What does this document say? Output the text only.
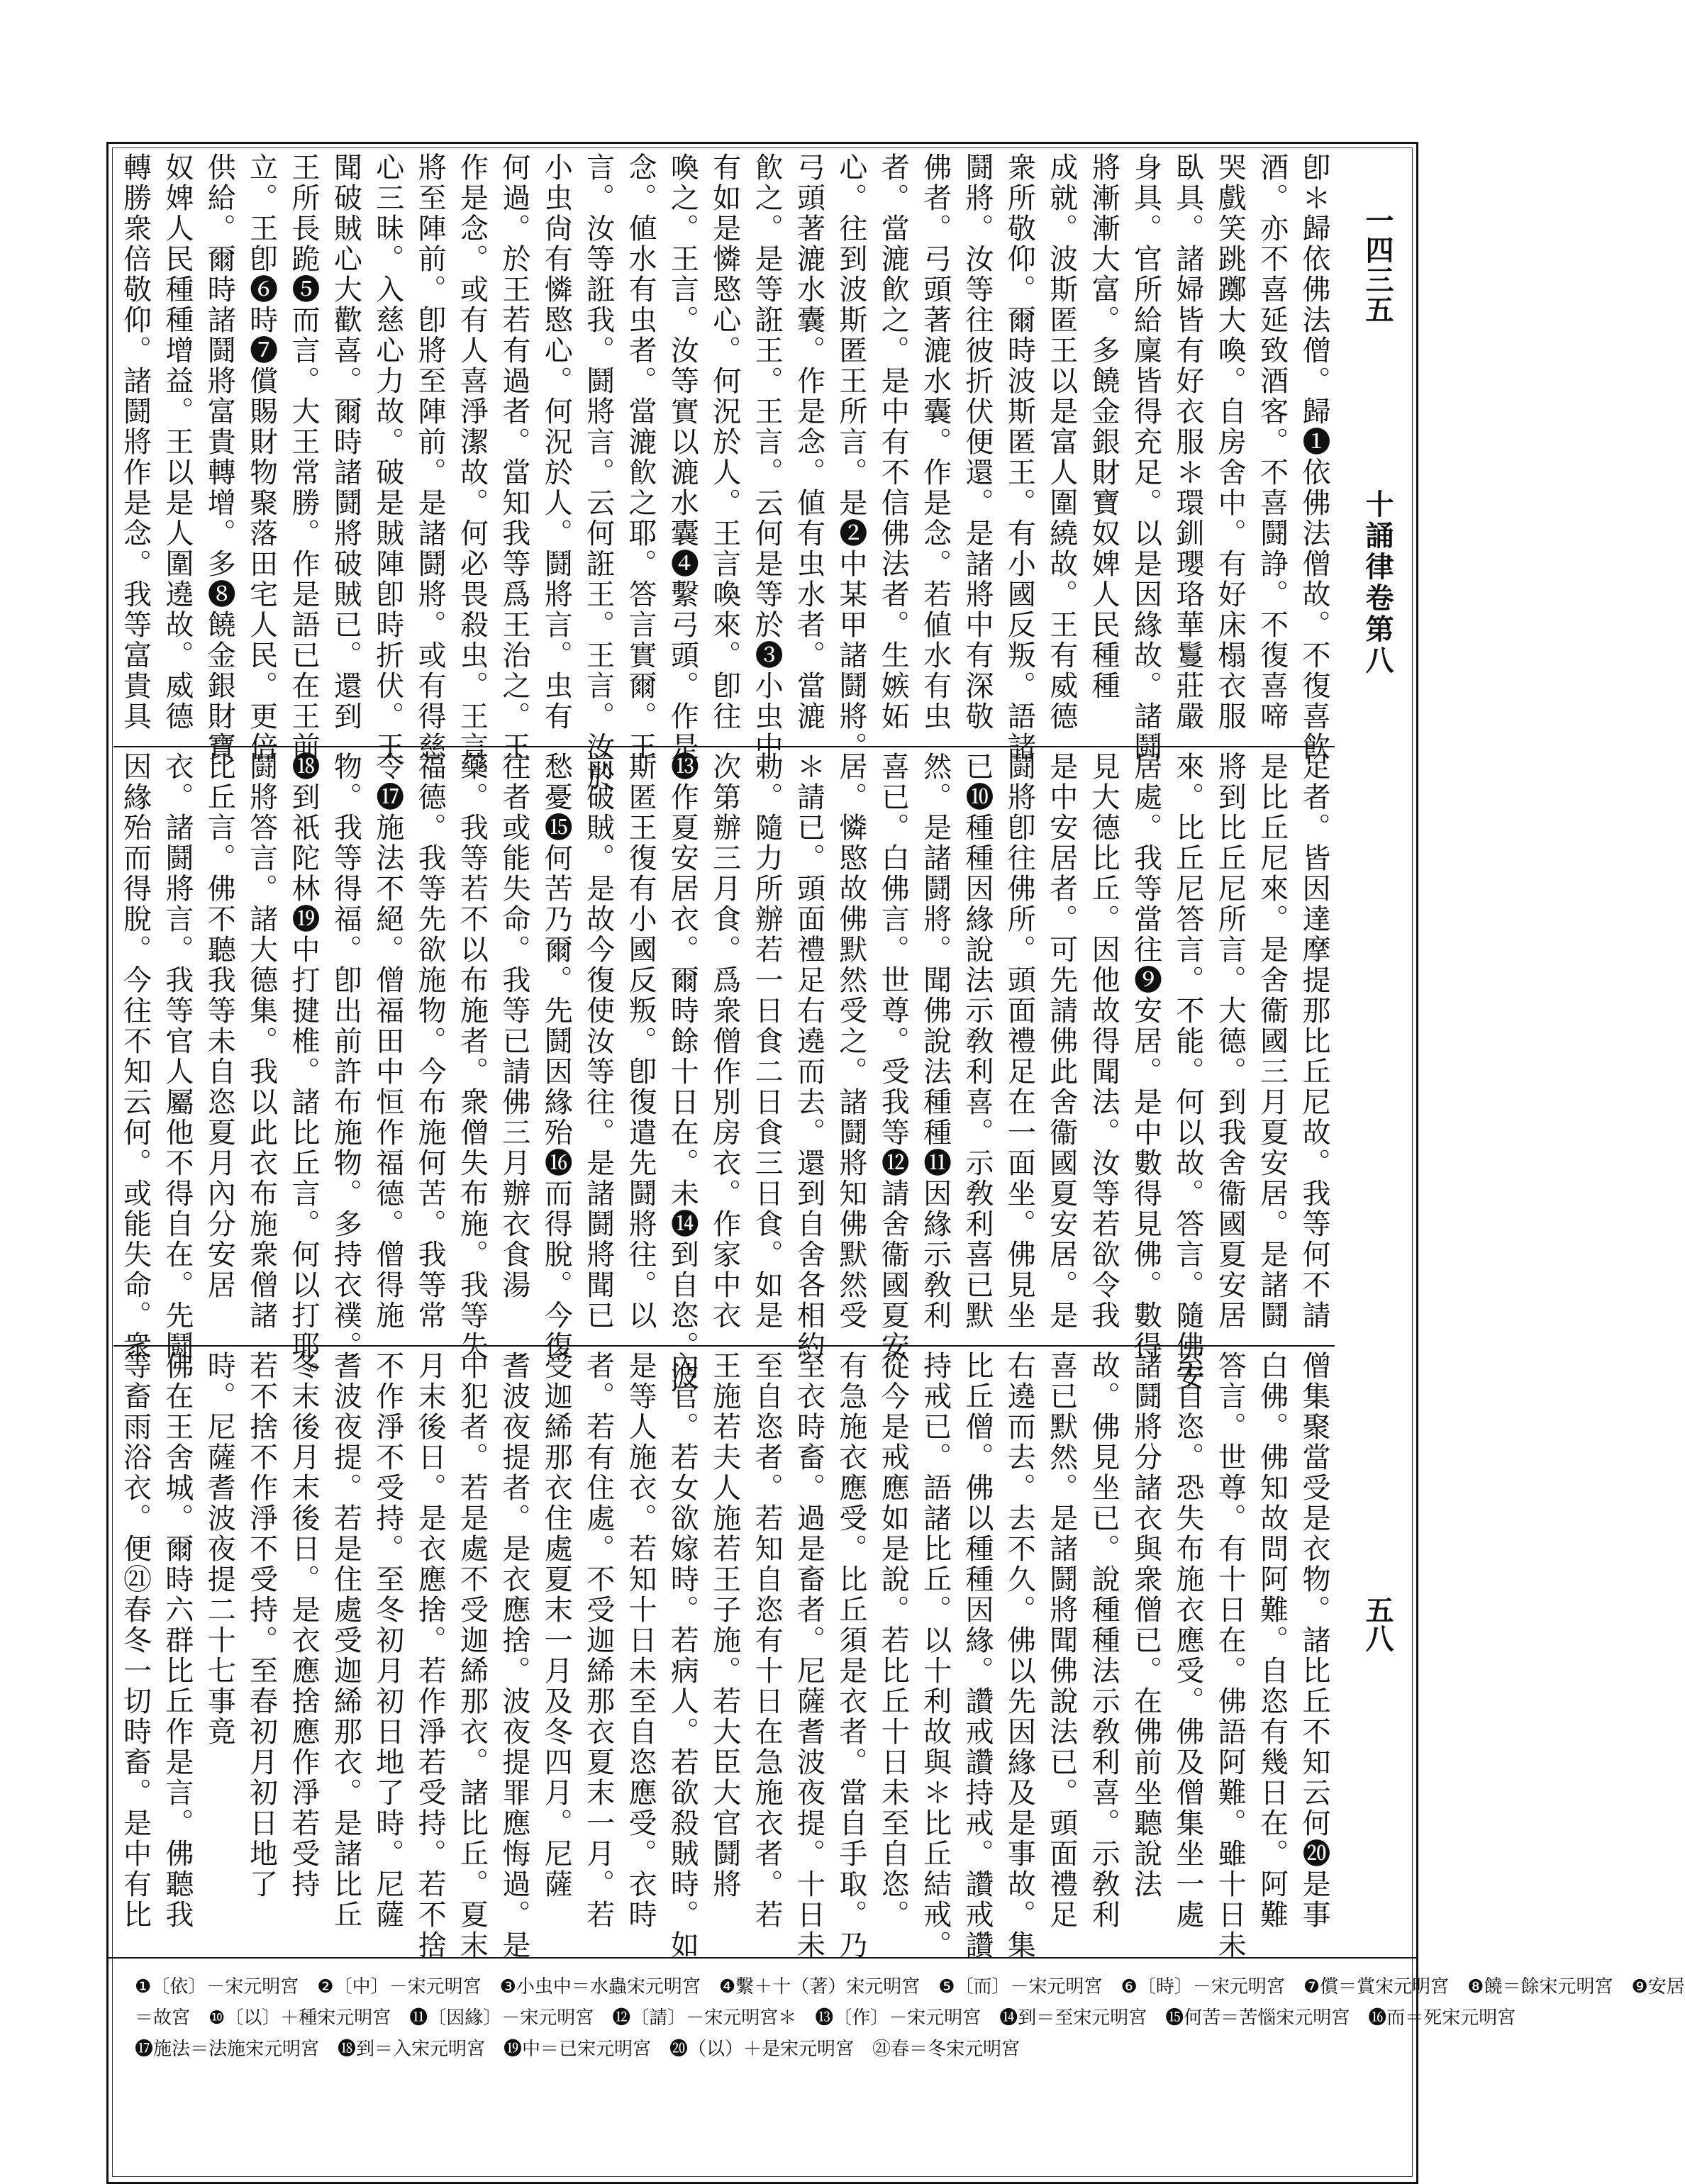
一四三五
十誦律卷第八
五八
卽＊歸依佛法僧。歸❶依佛法僧故。不復喜飮
酒。亦不喜延致酒客。不喜鬪諍。不復喜啼
哭戲笑跳躑大喚。自房舍中。有好床榻衣服
臥具。諸婦皆有好衣服＊環釧瓔珞華鬘莊嚴
身具。官所給廩皆得充足。以是因緣故。諸鬪
將漸漸大富。多饒金銀財寶奴婢人民種種
成就。波斯匿王以是富人圍繞故。王有威德
衆所敬仰。爾時波斯匿王。有小國反叛。語諸
鬪將。汝等往彼折伏便還。是諸將中有深敬
佛者。弓頭著漉水囊。作是念。若値水有虫
者。當漉飮之。是中有不信佛法者。生嫉妬
心。往到波斯匿王所言。是❷中某甲諸鬪將。
弓頭著漉水囊。作是念。値有虫水者。當漉
飮之。是等誑王。王言。云何是等於❸小虫中
有如是憐愍心。何況於人。王言喚來。卽往
喚之。王言。汝等實以漉水囊❹繫弓頭。作是
念。値水有虫者。當漉飮之耶。答言實爾。王
言。汝等誑我。鬪將言。云何誑王。王言。汝於
小虫尙有憐愍心。何況於人。鬪將言。虫有
何過。於王若有過者。當知我等爲王治之。王
作是念。或有人喜淨潔故。何必畏殺虫。王言。
將至陣前。卽將至陣前。是諸鬪將。或有得慈
心三昧。入慈心力故。破是賊陣卽時折伏。王
聞破賊心大歡喜。爾時諸鬪將破賊已。還到
王所長跪❺而言。大王常勝。作是語已在王前
立。王卽❻時❼償賜財物聚落田宅人民。更倍
供給。爾時諸鬪將富貴轉增。多❽饒金銀財寶
奴婢人民種種增益。王以是人圍遶故。威德
轉勝衆倍敬仰。諸鬪將作是念。我等富貴具
足者。皆因達摩提那比丘尼故。我等何不請
是比丘尼來。是舍衞國三月夏安居。是諸鬪
將到比丘尼所言。大德。到我舍衞國夏安居
來。比丘尼答言。不能。何以故。答言。隨佛安
居處。我等當往❾安居。是中數得見佛。數得
見大德比丘。因他故得聞法。汝等若欲令我
是中安居者。可先請佛此舍衞國夏安居。是
鬪將卽往佛所。頭面禮足在一面坐。佛見坐
已❿種種因緣說法示敎利喜。示敎利喜已默
然。是諸鬪將。聞佛說法種種⓫因緣示敎利
喜已。白佛言。世尊。受我等⓬請舍衞國夏安
居。憐愍故佛默然受之。諸鬪將知佛默然受
＊請已。頭面禮足右遶而去。還到自舍各相約
勅。隨力所辦若一日食二日食三日食。如是
次第辦三月食。爲衆僧作別房衣。作家中衣
⓭作夏安居衣。爾時餘十日在。未⓮到自恣。波
斯匿王復有小國反叛。卽復遣先鬪將往。以
前破賊。是故今復使汝等往。是諸鬪將聞已
愁憂⓯何苦乃爾。先鬪因緣殆⓰而得脫。今復
往者或能失命。我等已請佛三月辦衣食湯
藥。我等若不以布施者。衆僧失布施。我等失
福德。我等先欲施物。今布施何苦。我等常
令⓱施法不絕。僧福田中恒作福德。僧得施
物。我等得福。卽出前許布施物。多持衣襆。
⓲到祇陀林⓳中打揵椎。諸比丘言。何以打耶。
鬪將答言。諸大德集。我以此衣布施衆僧諸
比丘言。佛不聽我等未自恣夏月內分安居
衣。諸鬪將言。我等官人屬他不得自在。先鬪
因緣殆而得脫。今往不知云何。或能失命。衆
僧集聚當受是衣物。諸比丘不知云何⓴是事
白佛。佛知故問阿難。自恣有幾日在。阿難
答言。世尊。有十日在。佛語阿難。雖十日未
至自恣。恐失布施衣應受。佛及僧集坐一處
諸鬪將分諸衣與衆僧已。在佛前坐聽說法
故。佛見坐已。說種種法示敎利喜。示敎利
喜已默然。是諸鬪將聞佛說法已。頭面禮足
右遶而去。去不久。佛以先因緣及是事故。集
比丘僧。佛以種種因緣。讚戒讚持戒。讚戒讚
持戒已。語諸比丘。以十利故與＊比丘結戒。
從今是戒應如是說。若比丘十日未至自恣。
有急施衣應受。比丘須是衣者。當自手取。乃
至衣時畜。過是畜者。尼薩耆波夜提。十日未
至自恣者。若知自恣有十日在急施衣者。若
王施若夫人施若王子施。若大臣大官鬪將
內官。若女欲嫁時。若病人。若欲殺賊時。如
是等人施衣。若知十日未至自恣應受。衣時
者。若有住處。不受迦絺那衣夏末一月。若
受迦絺那衣住處夏末一月及冬四月。尼薩
耆波夜提者。是衣應捨。波夜提罪應悔過。是
中犯者。若是處不受迦絺那衣。諸比丘。夏末
月末後日。是衣應捨。若作淨若受持。若不捨
不作淨不受持。至冬初月初日地了時。尼薩
耆波夜提。若是住處受迦絺那衣。是諸比丘
冬末後月末後日。是衣應捨應作淨若受持
若不捨不作淨不受持。至春初月初日地了
時。尼薩耆波夜提二十七事竟
佛在王舍城。爾時六群比丘作是言。佛聽我
等畜雨浴衣。便㉑春冬一切時畜。是中有比
❶〔依〕－宋元明宮　❷〔中〕－宋元明宮　❸小虫中＝水蟲宋元明宮　❹繫＋十（著）宋元明宮　❺〔而〕－宋元明宮　❻〔時〕－宋元明宮　❼償＝賞宋元明宮　❽饒＝餘宋元明宮　❾安居
＝故宮　❿〔以〕＋種宋元明宮　⓫〔因緣〕－宋元明宮　⓬〔請〕－宋元明宮＊　⓭〔作〕－宋元明宮　⓮到＝至宋元明宮　⓯何苦＝苦惱宋元明宮　⓰而＝死宋元明宮
⓱施法＝法施宋元明宮　⓲到＝入宋元明宮　⓳中＝已宋元明宮　⓴（以）＋是宋元明宮　㉑春＝冬宋元明宮
